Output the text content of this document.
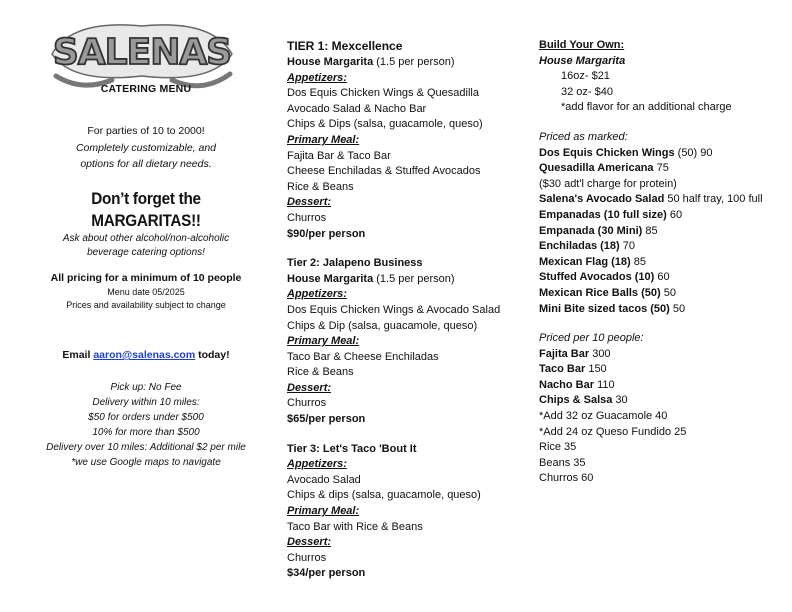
SALENAS
CATERING MENU
For parties of 10 to 2000!
Completely customizable, and
options for all dietary needs.
Don’t forget the MARGARITAS!!
Ask about other alcohol/non-alcoholic
beverage catering options!
All pricing for a minimum of 10 people
Menu date 05/2025
Prices and availability subject to change
Email aaron@salenas.com today!
Pick up: No Fee
Delivery within 10 miles:
$50 for orders under $500
10% for more than $500
Delivery over 10 miles: Additional $2 per mile
*we use Google maps to navigate
TIER 1: Mexcellence
House Margarita (1.5 per person)
Appetizers:
Dos Equis Chicken Wings & Quesadilla
Avocado Salad & Nacho Bar
Chips & Dips (salsa, guacamole, queso)
Primary Meal:
Fajita Bar & Taco Bar
Cheese Enchiladas & Stuffed Avocados
Rice & Beans
Dessert:
Churros
$90/per person
Tier 2: Jalapeno Business
House Margarita (1.5 per person)
Appetizers:
Dos Equis Chicken Wings & Avocado Salad
Chips & Dip (salsa, guacamole, queso)
Primary Meal:
Taco Bar & Cheese Enchiladas
Rice & Beans
Dessert:
Churros
$65/per person
Tier 3: Let's Taco 'Bout It
Appetizers:
Avocado Salad
Chips & dips (salsa, guacamole, queso)
Primary Meal:
Taco Bar with Rice & Beans
Dessert:
Churros
$34/per person
Build Your Own:
House Margarita
16oz- $21
32 oz- $40
*add flavor for an additional charge
Priced as marked:
Dos Equis Chicken Wings (50) 90
Quesadilla Americana 75
($30 adt'l charge for protein)
Salena's Avocado Salad 50 half tray, 100 full
Empanadas (10 full size) 60
Empanada (30 Mini) 85
Enchiladas (18) 70
Mexican Flag (18) 85
Stuffed Avocados (10) 60
Mexican Rice Balls (50) 50
Mini Bite sized tacos (50) 50
Priced per 10 people:
Fajita Bar 300
Taco Bar 150
Nacho Bar 110
Chips & Salsa 30
*Add 32 oz Guacamole 40
*Add 24 oz Queso Fundido 25
Rice 35
Beans 35
Churros 60
